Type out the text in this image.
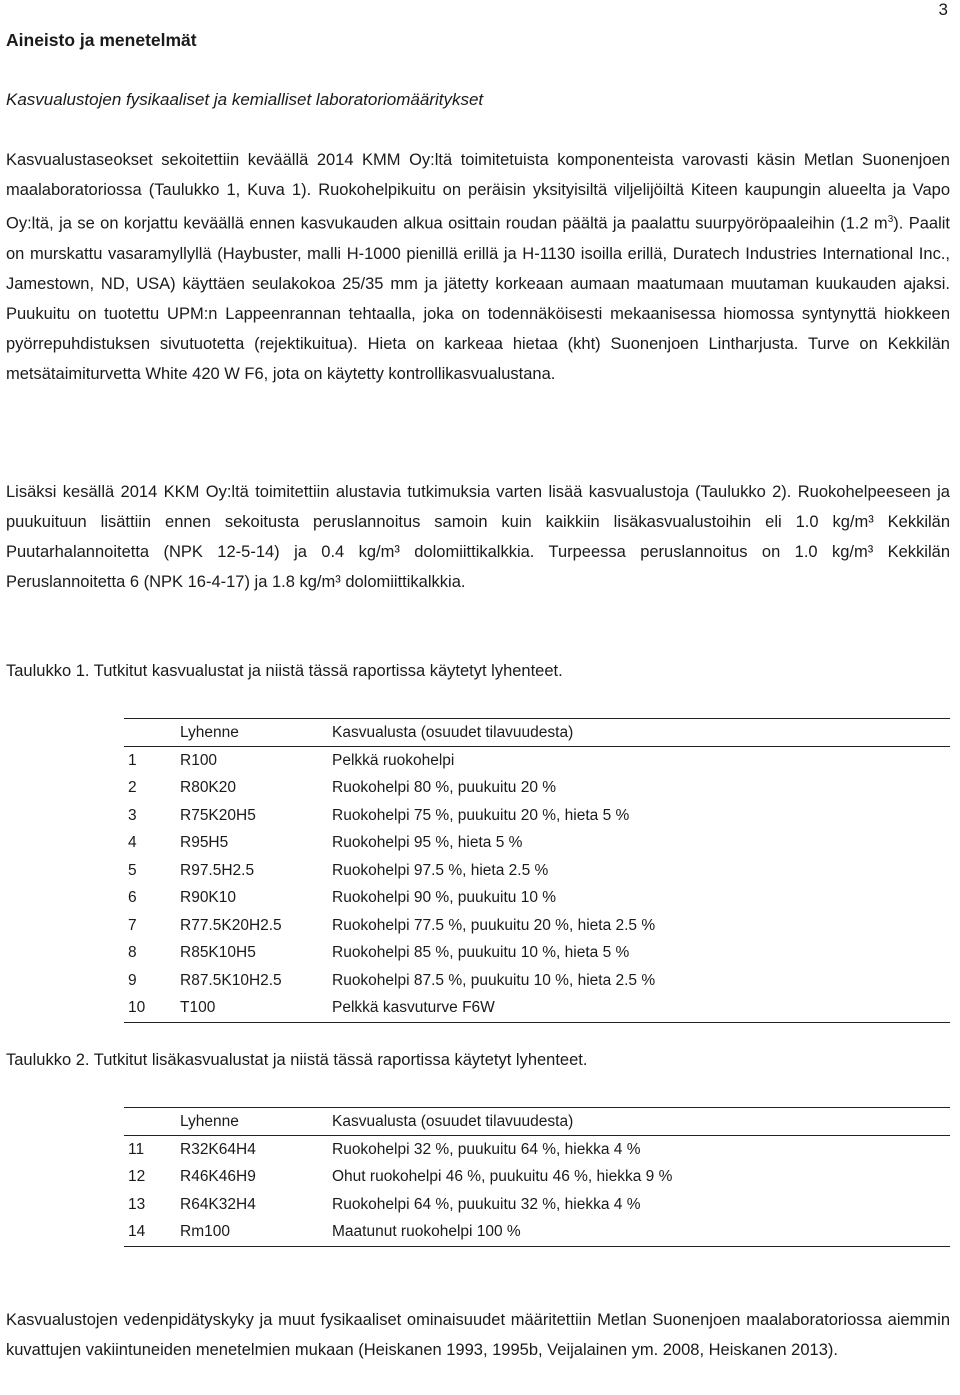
3
Aineisto ja menetelmät
Kasvualustojen fysikaaliset ja kemialliset laboratoriomääritykset

Kasvualustaseokset sekoitettiin keväällä 2014 KMM Oy:ltä toimitetuista komponenteista varovasti käsin Metlan Suonenjoen maalaboratoriossa (Taulukko 1, Kuva 1). Ruokohelpikuitu on peräisin yksityisiltä viljelijöiltä Kiteen kaupungin alueelta ja Vapo Oy:ltä, ja se on korjattu keväällä ennen kasvukauden alkua osittain roudan päältä ja paalattu suurpyöröpaaleihin (1.2 $m^3$). Paalit on murskattu vasaramyllyllä (Haybuster, malli H-1000 pienillä erillä ja H-1130 isoilla erillä, Duratech Industries International Inc., Jamestown, ND, USA) käyttäen seulakokoa 25/35 mm ja jätetty korkeaan aumaan maatumaan muutaman kuukauden ajaksi. Puukuitu on tuotettu UPM:n Lappeenrannan tehtaalla, joka on todennäköisesti mekaanisessa hiomossa syntynyttä hiokkeen pyörrepuhdistuksen sivutuotetta (rejektikuitua). Hieta on karkeaa hietaa (kht) Suonenjoen Lintharjusta. Turve on Kekkilän metsätaimiturvetta White 420 W F6, jota on käytetty kontrollikasvualustana.

Lisäksi kesällä 2014 KKM Oy:ltä toimitettiin alustavia tutkimuksia varten lisää kasvualustoja (Taulukko 2). Ruokohelpeeseen ja puukuituun lisättiin ennen sekoitusta peruslannoitus samoin kuin kaikkiin lisäkasvualustoihin eli 1.0 kg/m³ Kekkilän Puutarhalannoitetta (NPK 12-5-14) ja 0.4 kg/m³ dolomiittikalkkia. Turpeessa peruslannoitus on 1.0 kg/m³ Kekkilän Peruslannoitetta 6 (NPK 16-4-17) ja 1.8 kg/m³ dolomiittikalkkia.

Taulukko 1. Tutkitut kasvualustat ja niistä tässä raportissa käytetyt lyhenteet.
	Lyhenne	Kasvualusta (osuudet tilavuudesta)
1	R100	Pelkkä ruokohelpi
2	R80K20	Ruokohelpi 80 %, puukuitu 20 %
3	R75K20H5	Ruokohelpi 75 %, puukuitu 20 %, hieta 5 %
4	R95H5	Ruokohelpi 95 %, hieta 5 %
5	R97.5H2.5	Ruokohelpi 97.5 %, hieta 2.5 %
6	R90K10	Ruokohelpi 90 %, puukuitu 10 %
7	R77.5K20H2.5	Ruokohelpi 77.5 %, puukuitu 20 %, hieta 2.5 %
8	R85K10H5	Ruokohelpi 85 %, puukuitu 10 %, hieta 5 %
9	R87.5K10H2.5	Ruokohelpi 87.5 %, puukuitu 10 %, hieta 2.5 %
10	T100	Pelkkä kasvuturve F6W
Taulukko 2. Tutkitut lisäkasvualustat ja niistä tässä raportissa käytetyt lyhenteet.
	Lyhenne	Kasvualusta (osuudet tilavuudesta)
11	R32K64H4	Ruokohelpi 32 %, puukuitu 64 %, hiekka 4 %
12	R46K46H9	Ohut ruokohelpi 46 %, puukuitu 46 %, hiekka 9 %
13	R64K32H4	Ruokohelpi 64 %, puukuitu 32 %, hiekka 4 %
14	Rm100	Maatunut ruokohelpi 100 %

Kasvualustojen vedenpidätyskyky ja muut fysikaaliset ominaisuudet määritettiin Metlan Suonenjoen maalaboratoriossa aiemmin kuvattujen vakiintuneiden menetelmien mukaan (Heiskanen 1993, 1995b, Veijalainen ym. 2008, Heiskanen 2013).
